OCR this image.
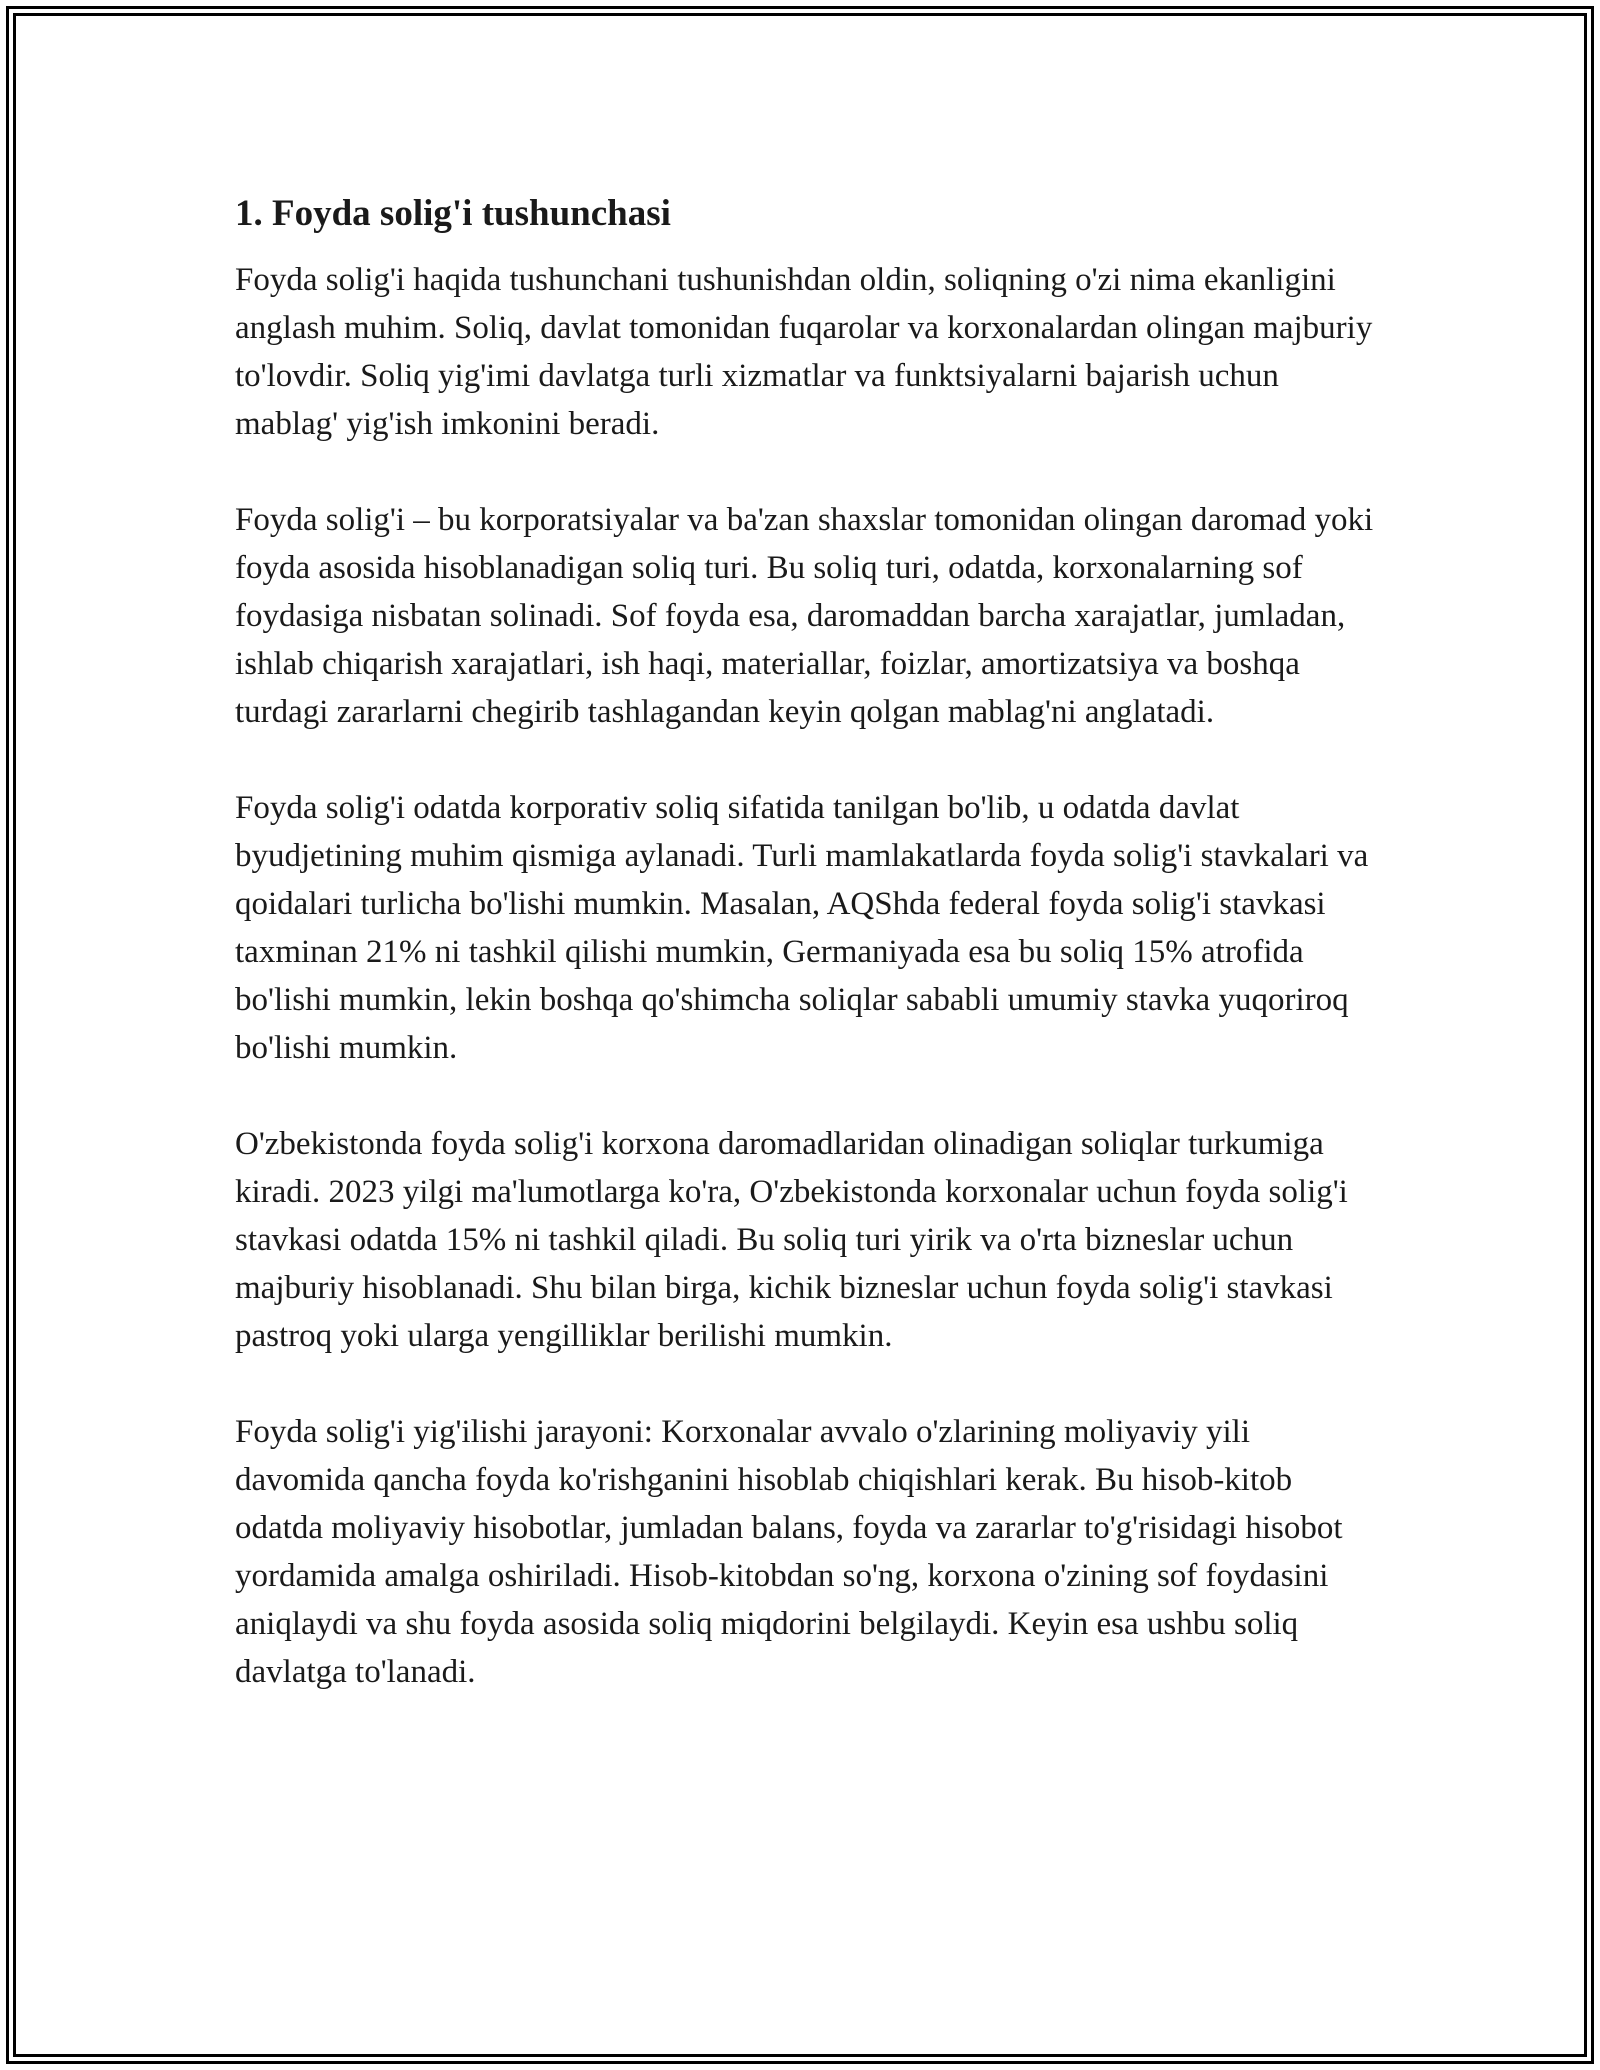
1. Foyda solig'i tushunchasi

Foyda solig'i haqida tushunchani tushunishdan oldin, soliqning o'zi nima ekanligini anglash muhim. Soliq, davlat tomonidan fuqarolar va korxonalardan olingan majburiy to'lovdir. Soliq yig'imi davlatga turli xizmatlar va funktsiyalarni bajarish uchun mablag' yig'ish imkonini beradi.

Foyda solig'i – bu korporatsiyalar va ba'zan shaxslar tomonidan olingan daromad yoki foyda asosida hisoblanadigan soliq turi. Bu soliq turi, odatda, korxonalarning sof foydasiga nisbatan solinadi. Sof foyda esa, daromaddan barcha xarajatlar, jumladan, ishlab chiqarish xarajatlari, ish haqi, materiallar, foizlar, amortizatsiya va boshqa turdagi zararlarni chegirib tashlagandan keyin qolgan mablag'ni anglatadi.

Foyda solig'i odatda korporativ soliq sifatida tanilgan bo'lib, u odatda davlat byudjetining muhim qismiga aylanadi. Turli mamlakatlarda foyda solig'i stavkalari va qoidalari turlicha bo'lishi mumkin. Masalan, AQShda federal foyda solig'i stavkasi taxminan 21% ni tashkil qilishi mumkin, Germaniyada esa bu soliq 15% atrofida bo'lishi mumkin, lekin boshqa qo'shimcha soliqlar sababli umumiy stavka yuqoriroq bo'lishi mumkin.

O'zbekistonda foyda solig'i korxona daromadlaridan olinadigan soliqlar turkumiga kiradi. 2023 yilgi ma'lumotlarga ko'ra, O'zbekistonda korxonalar uchun foyda solig'i stavkasi odatda 15% ni tashkil qiladi. Bu soliq turi yirik va o'rta bizneslar uchun majburiy hisoblanadi. Shu bilan birga, kichik bizneslar uchun foyda solig'i stavkasi pastroq yoki ularga yengilliklar berilishi mumkin.

Foyda solig'i yig'ilishi jarayoni: Korxonalar avvalo o'zlarining moliyaviy yili davomida qancha foyda ko'rishganini hisoblab chiqishlari kerak. Bu hisob-kitob odatda moliyaviy hisobotlar, jumladan balans, foyda va zararlar to'g'risidagi hisobot yordamida amalga oshiriladi. Hisob-kitobdan so'ng, korxona o'zining sof foydasini aniqlaydi va shu foyda asosida soliq miqdorini belgilaydi. Keyin esa ushbu soliq davlatga to'lanadi.
